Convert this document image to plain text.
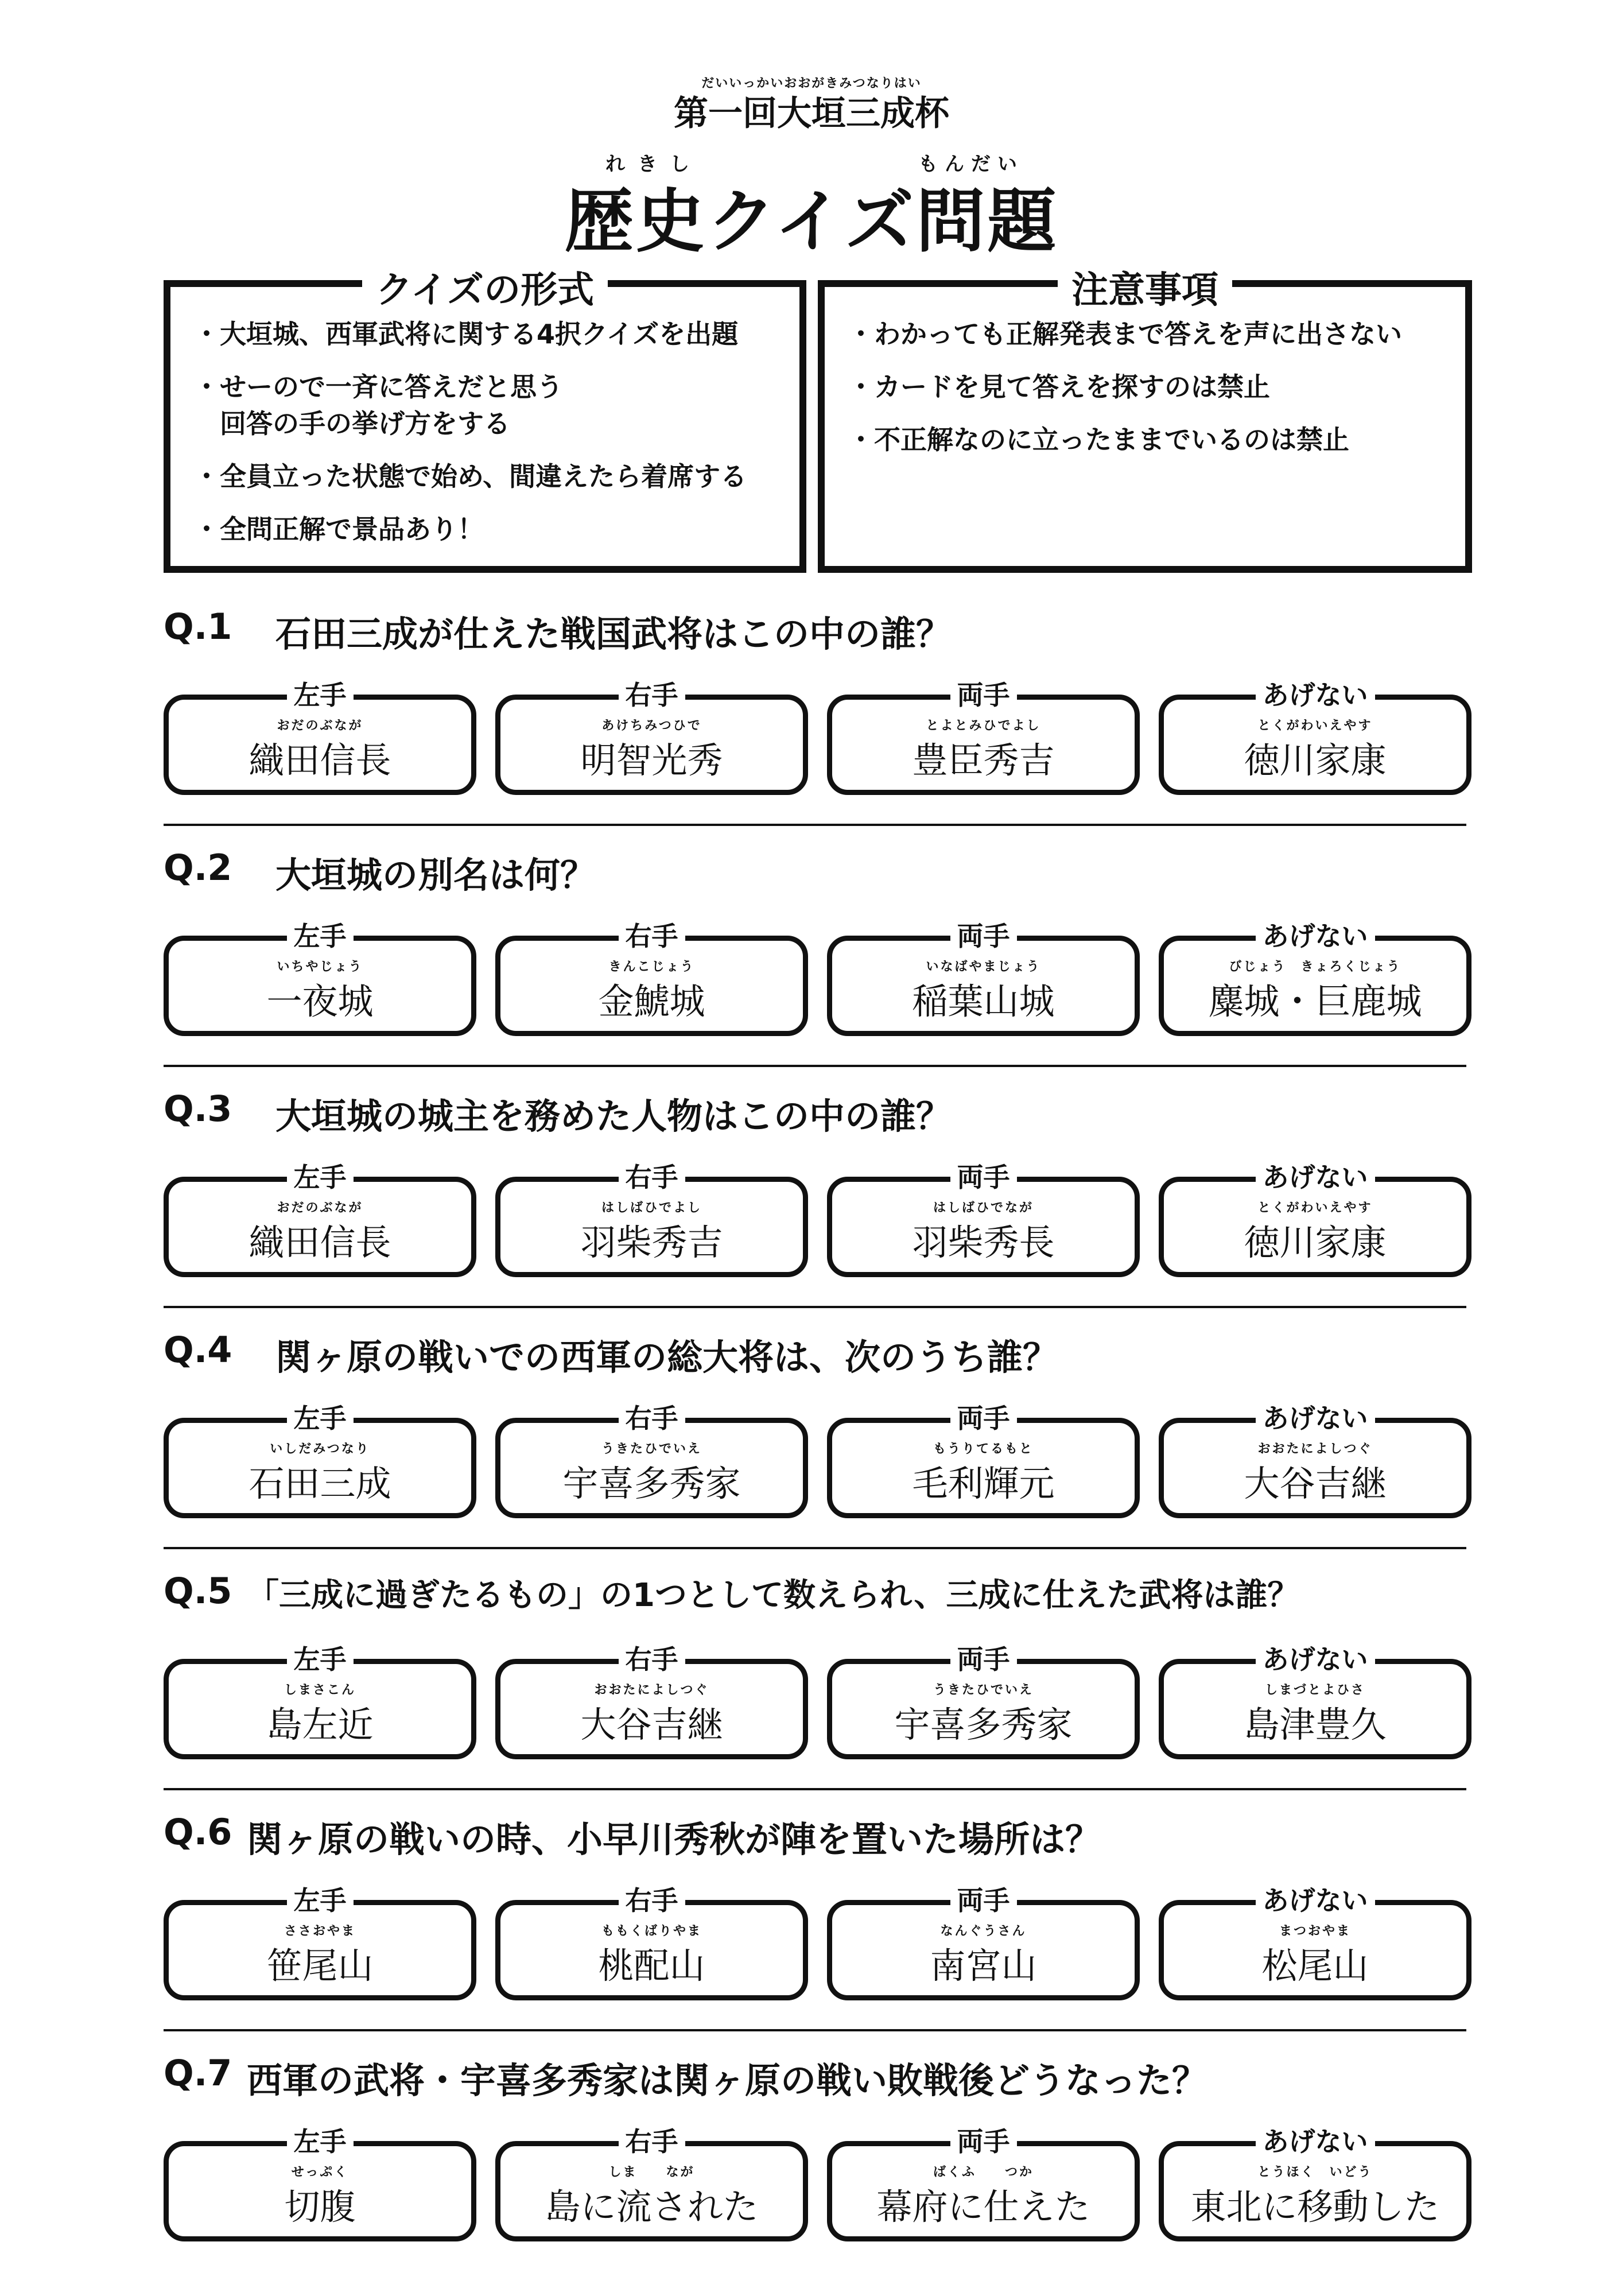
だいいっかいおおがきみつなりはい
第一回大垣三成杯
れきし	もんだい
歴史クイズ問題
クイズの形式
・大垣城、西軍武将に関する4択クイズを出題
・せーので一斉に答えだと思う
　回答の手の挙げ方をする
・全員立った状態で始め、間違えたら着席する
・全問正解で景品あり！
注意事項
・わかっても正解発表まで答えを声に出さない
・カードを見て答えを探すのは禁止
・不正解なのに立ったままでいるのは禁止
Q.1 石田三成が仕えた戦国武将はこの中の誰？
左手
おだのぶなが
織田信長
右手
あけちみつひで
明智光秀
両手
とよとみひでよし
豊臣秀吉
あげない
とくがわいえやす
徳川家康
Q.2 大垣城の別名は何？
左手
いちやじょう
一夜城
右手
きんこじょう
金鯱城
両手
いなばやまじょう
稲葉山城
あげない
びじょう　きょろくじょう
麋城・巨鹿城
Q.3 大垣城の城主を務めた人物はこの中の誰？
左手
おだのぶなが
織田信長
右手
はしばひでよし
羽柴秀吉
両手
はしばひでなが
羽柴秀長
あげない
とくがわいえやす
徳川家康
Q.4 関ヶ原の戦いでの西軍の総大将は、次のうち誰？
左手
いしだみつなり
石田三成
右手
うきたひでいえ
宇喜多秀家
両手
もうりてるもと
毛利輝元
あげない
おおたによしつぐ
大谷吉継
Q.5 「三成に過ぎたるもの」の1つとして数えられ、三成に仕えた武将は誰？
左手
しまさこん
島左近
右手
おおたによしつぐ
大谷吉継
両手
うきたひでいえ
宇喜多秀家
あげない
しまづとよひさ
島津豊久
Q.6 関ヶ原の戦いの時、小早川秀秋が陣を置いた場所は？
左手
ささおやま
笹尾山
右手
ももくばりやま
桃配山
両手
なんぐうさん
南宮山
あげない
まつおやま
松尾山
Q.7 西軍の武将・宇喜多秀家は関ヶ原の戦い敗戦後どうなった？
左手
せっぷく
切腹
右手
しま　　なが
島に流された
両手
ばくふ　　つか
幕府に仕えた
あげない
とうほく　いどう
東北に移動した
